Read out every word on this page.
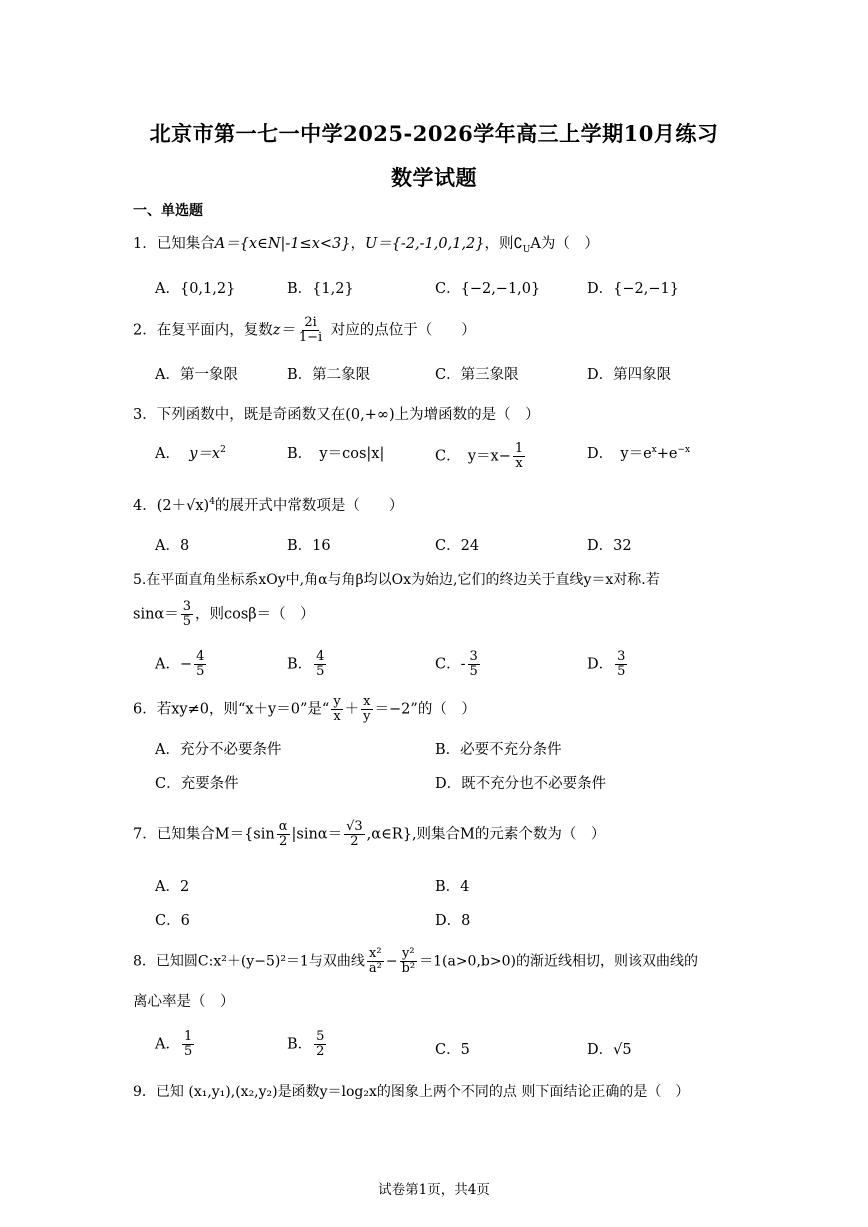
北京市第一七一中学2025-2026学年高三上学期10月练习
数学试题
一、单选题
1．已知集合A＝{x∈N|-1≤x<3}，U＝{-2,-1,0,1,2}，则$∁_UA$为（　）
A．{0,1,2}	B．{1,2}	C．{−2,−1,0}	D．{−2,−1}
2．在复平面内，复数$z= \frac{2i}{1-i}$ 对应的点位于（　　）
A．第一象限	B．第二象限	C．第三象限	D．第四象限
3．下列函数中，既是奇函数又在(0,+∞)上为增函数的是（　）
A． $y=x^2$	B．　y＝cos|x|	C．　$y=x- \frac{1}{x}$	D．　$y=e^x+e^{-x}$
4．$(2+√x)^4$的展开式中常数项是（　　）
A．8	B．16	C．24	D．32
5.在平面直角坐标系xOy中,角α与角β均以Ox为始边,它们的终边关于直线y＝x对称.若
$\sin\alpha= \frac{3}{5}$ ，则cosβ＝（　）
A．− $\frac{4}{5}$	B． $\frac{4}{5}$	C．- $\frac{3}{5}$	D． $\frac{3}{5}$
6．若xy≠0，则“x＋y＝0”是“ $\frac{y}{x} + \frac{x}{y} =-2$”的（　）
A．充分不必要条件	B．必要不充分条件
C．充要条件	D．既不充分也不必要条件
7．已知集合$M=\{\sin \frac{\alpha}{2} |\sin\alpha= \frac{√3}{2}$ ,α∈R},则集合M的元素个数为（　）
A．2	B．4
C．6	D．8
8．已知圆C:x²＋(y−5)²＝1与双曲线 $\frac{\text{x²}}{\text{a²}} - \frac{\text{y²}}{\text{b²}} =1(a>0,b>0)$的渐近线相切，则该双曲线的
离心率是（　）
A． $\frac{1}{5}$	B． $\frac{5}{2}$	C．5	D．√5
9．已知 (x₁,y₁),(x₂,y₂)是函数y＝log₂x的图象上两个不同的点 则下面结论正确的是（　）
试卷第1页，共4页
